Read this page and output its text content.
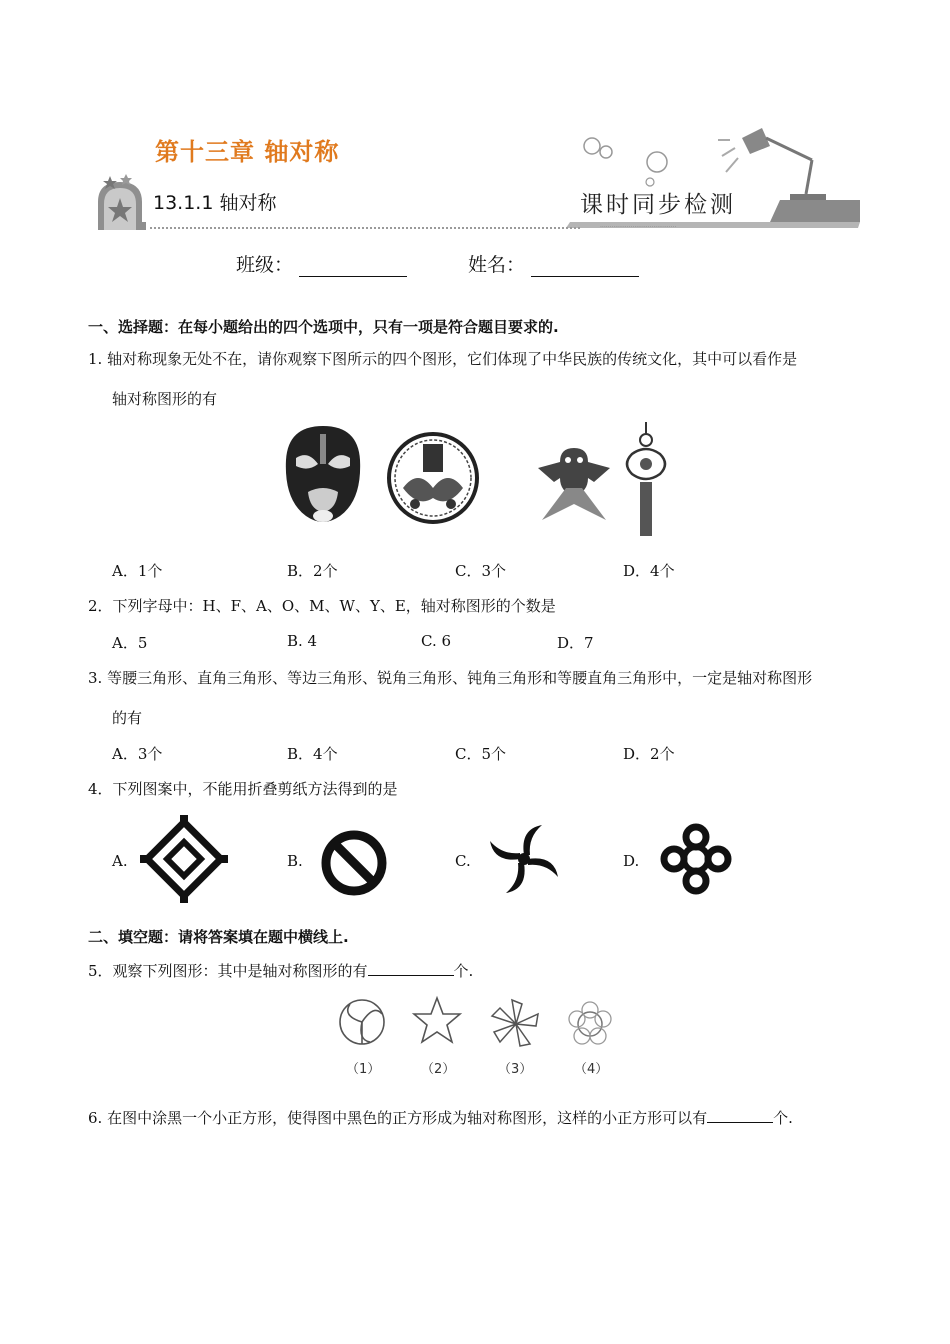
........................................
第十三章 轴对称
13.1.1 轴对称	课时同步检测
班级：	姓名：
一、选择题：在每小题给出的四个选项中，只有一项是符合题目要求的.
1. 轴对称现象无处不在，请你观察下图所示的四个图形，它们体现了中华民族的传统文化，其中可以看作是
轴对称图形的有
A．1个	B．2个	C．3个	D．4个
2．下列字母中：H、F、A、O、M、W、Y、E，轴对称图形的个数是
A．5	B. 4	C. 6	D．7
3. 等腰三角形、直角三角形、等边三角形、锐角三角形、钝角三角形和等腰直角三角形中，一定是轴对称图形
的有
A．3个	B．4个	C．5个	D．2个
4．下列图案中，不能用折叠剪纸方法得到的是
A.	B.	C.	D.
二、填空题：请将答案填在题中横线上.
5．观察下列图形：其中是轴对称图形的有	个.
（1）	（2）	（3）	（4）
6. 在图中涂黑一个小正方形，使得图中黑色的正方形成为轴对称图形，这样的小正方形可以有	个.
